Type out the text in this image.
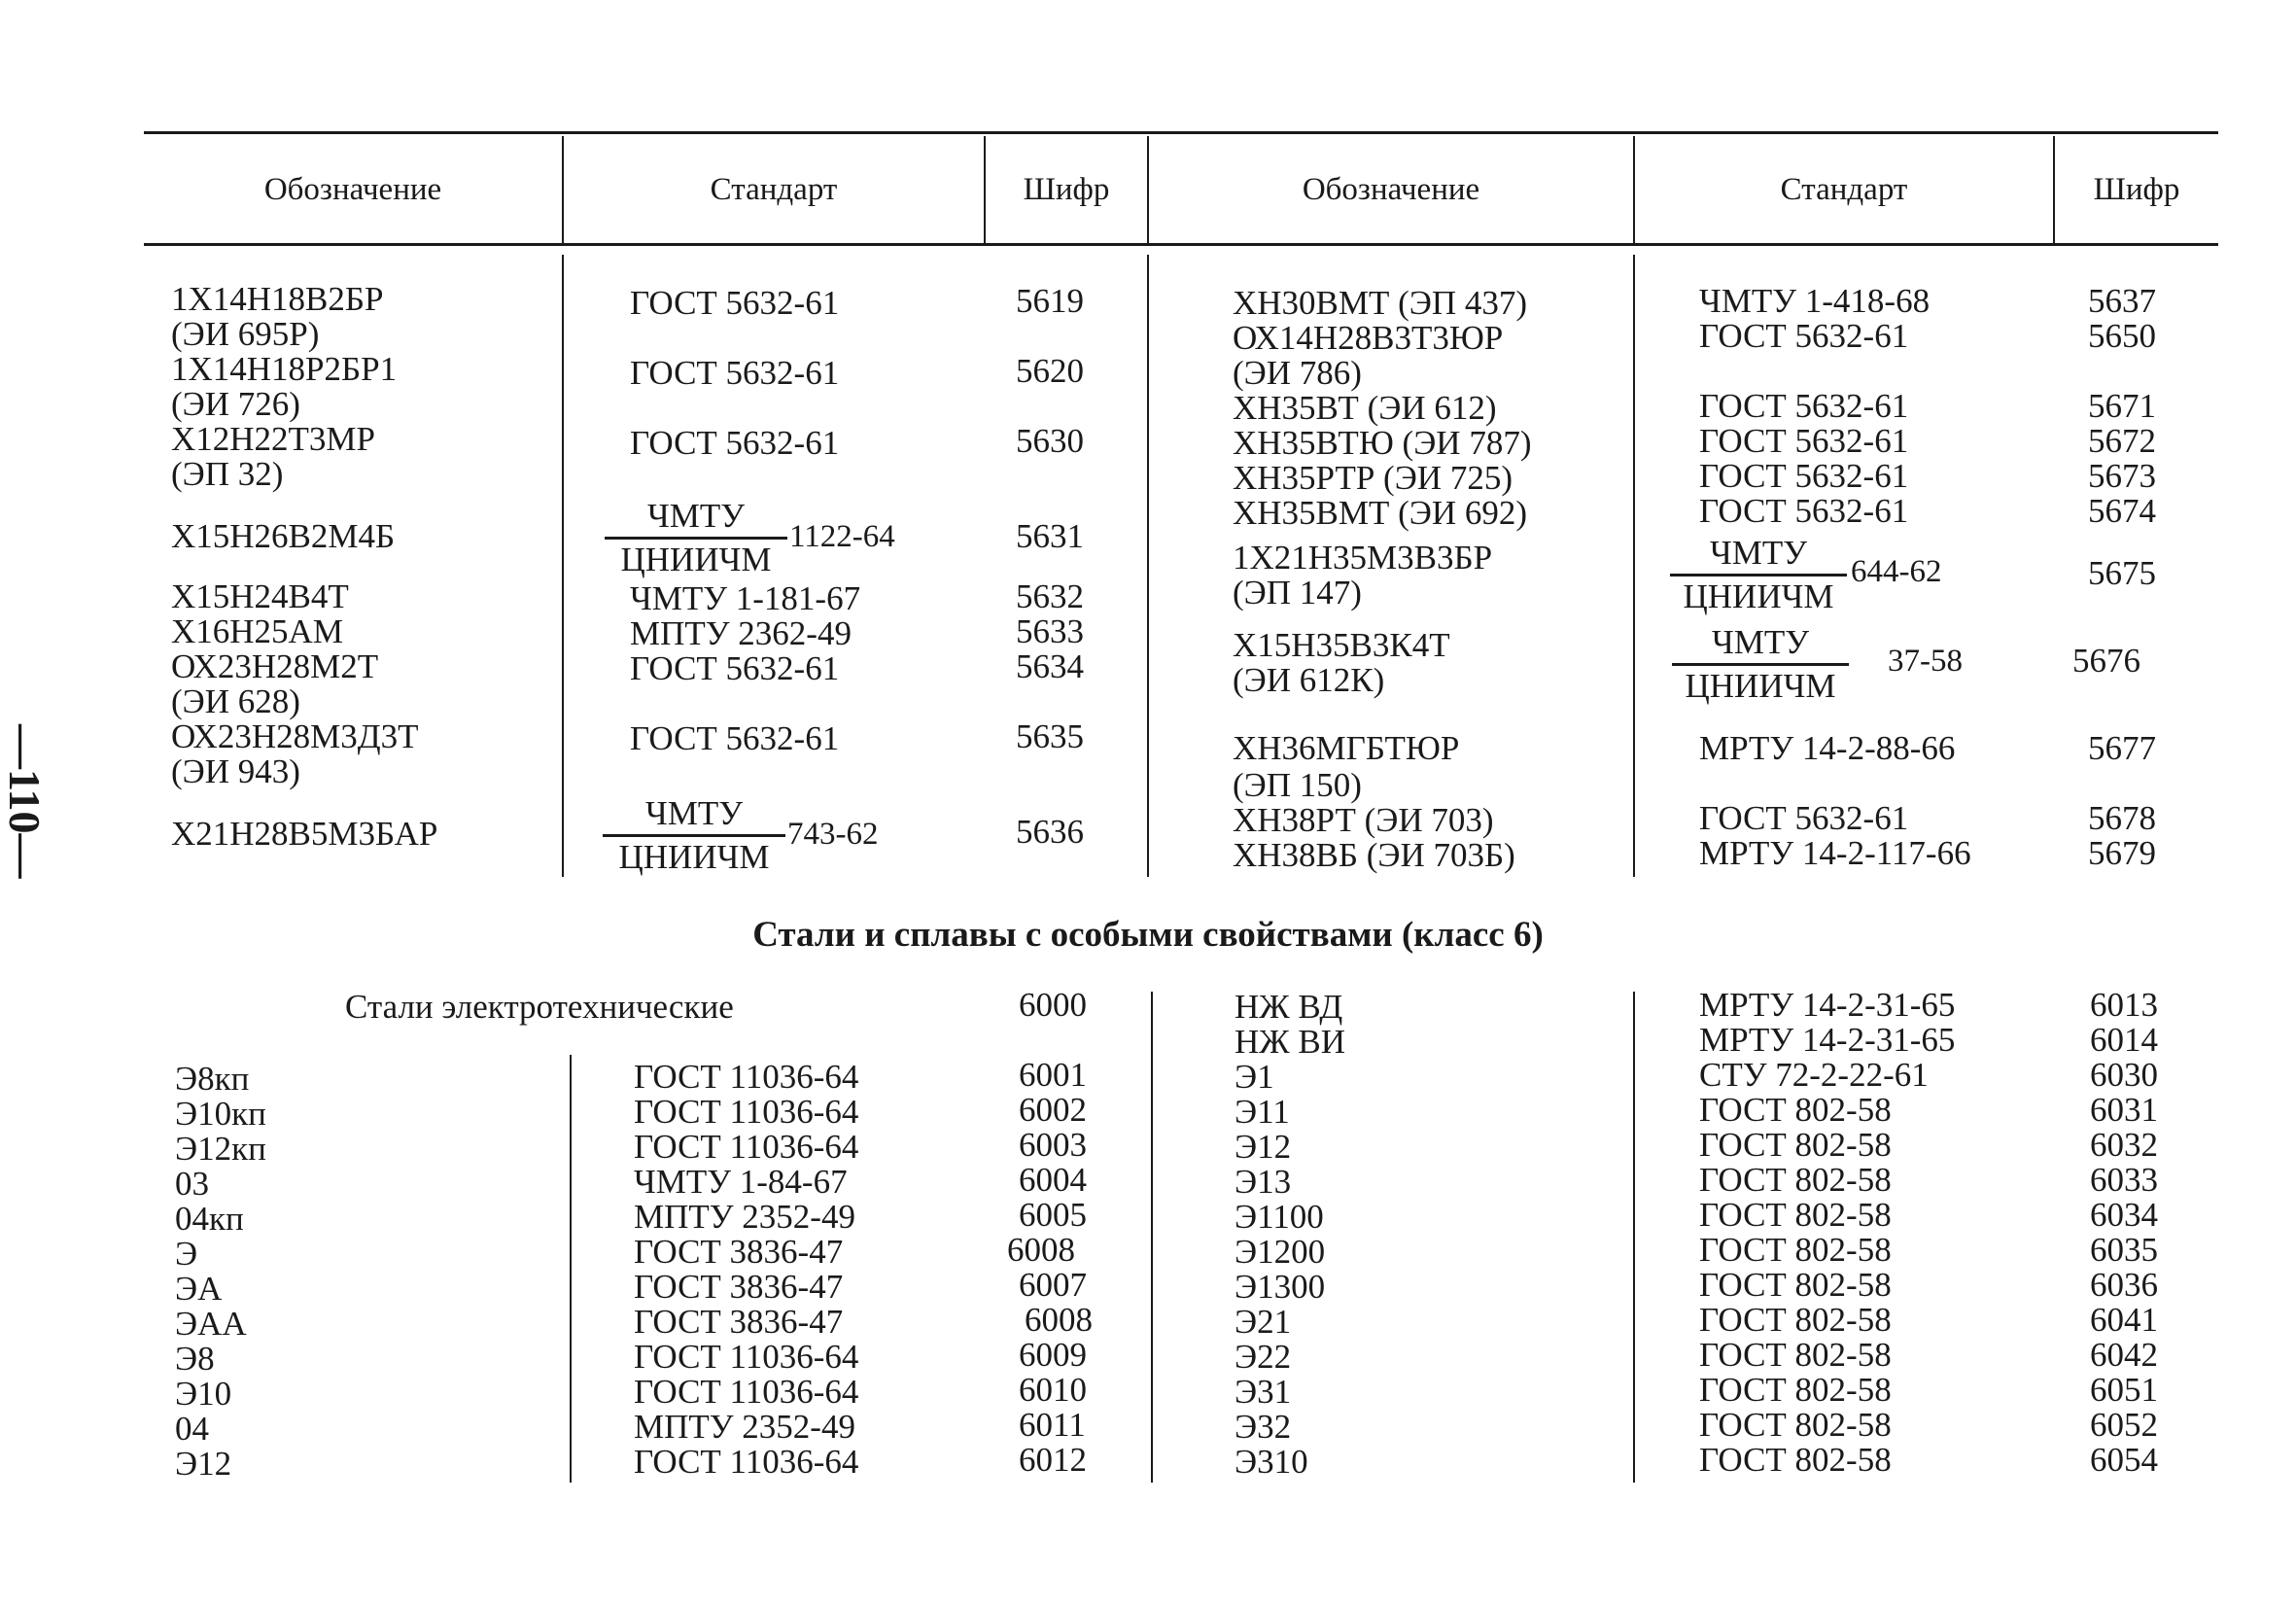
—110—
Обозначение	Стандарт	Шифр	Обозначение	Стандарт	Шифр
1X14H18B2БР
(ЭИ 695Р)
ГОСТ 5632-61	5619
1Х14Н18Р2БР1
(ЭИ 726)
ГОСТ 5632-61	5620
Х12Н22Т3МР
(ЭП 32)
ГОСТ 5632-61	5630
Х15Н26В2М4Б
ЧМТУ
ЦНИИЧМ
1122-64	5631
Х15Н24В4Т	ЧМТУ 1-181-67	5632
Х16Н25АМ	МПТУ 2362-49	5633
ОХ23Н28М2Т
(ЭИ 628)
ГОСТ 5632-61	5634
ОХ23Н28М3Д3Т
(ЭИ 943)
ГОСТ 5632-61	5635
Х21Н28В5М3БАР
ЧМТУ
ЦНИИЧМ
743-62	5636
ХН30ВМТ (ЭП 437)	ЧМТУ 1-418-68	5637
ОХ14Н28В3Т3ЮР
(ЭИ 786)
ГОСТ 5632-61	5650
ХН35ВТ (ЭИ 612)	ГОСТ 5632-61	5671
ХН35ВТЮ (ЭИ 787)	ГОСТ 5632-61	5672
ХН35РТР (ЭИ 725)	ГОСТ 5632-61	5673
ХН35ВМТ (ЭИ 692)	ГОСТ 5632-61	5674
1Х21Н35М3В3БР
(ЭП 147)
ЧМТУ
ЦНИИЧМ
644-62	5675
Х15Н35В3К4Т
(ЭИ 612К)
ЧМТУ
ЦНИИЧМ
37-58	5676
ХН36МГБТЮР
(ЭП 150)
МРТУ 14-2-88-66	5677
ХН38РТ (ЭИ 703)	ГОСТ 5632-61	5678
ХН38ВБ (ЭИ 703Б)	МРТУ 14-2-117-66	5679
Стали и сплавы с особыми свойствами (класс 6)
Стали электротехнические	6000
Э8кп	ГОСТ 11036-64	6001
Э10кп	ГОСТ 11036-64	6002
Э12кп	ГОСТ 11036-64	6003
03	ЧМТУ 1-84-67	6004
04кп	МПТУ 2352-49	6005
Э	ГОСТ 3836-47	6008
ЭА	ГОСТ 3836-47	6007
ЭАА	ГОСТ 3836-47	6008
Э8	ГОСТ 11036-64	6009
Э10	ГОСТ 11036-64	6010
04	МПТУ 2352-49	6011
Э12	ГОСТ 11036-64	6012
НЖ ВД	МРТУ 14-2-31-65	6013
НЖ ВИ	МРТУ 14-2-31-65	6014
Э1	СТУ 72-2-22-61	6030
Э11	ГОСТ 802-58	6031
Э12	ГОСТ 802-58	6032
Э13	ГОСТ 802-58	6033
Э1100	ГОСТ 802-58	6034
Э1200	ГОСТ 802-58	6035
Э1300	ГОСТ 802-58	6036
Э21	ГОСТ 802-58	6041
Э22	ГОСТ 802-58	6042
Э31	ГОСТ 802-58	6051
Э32	ГОСТ 802-58	6052
Э310	ГОСТ 802-58	6054
